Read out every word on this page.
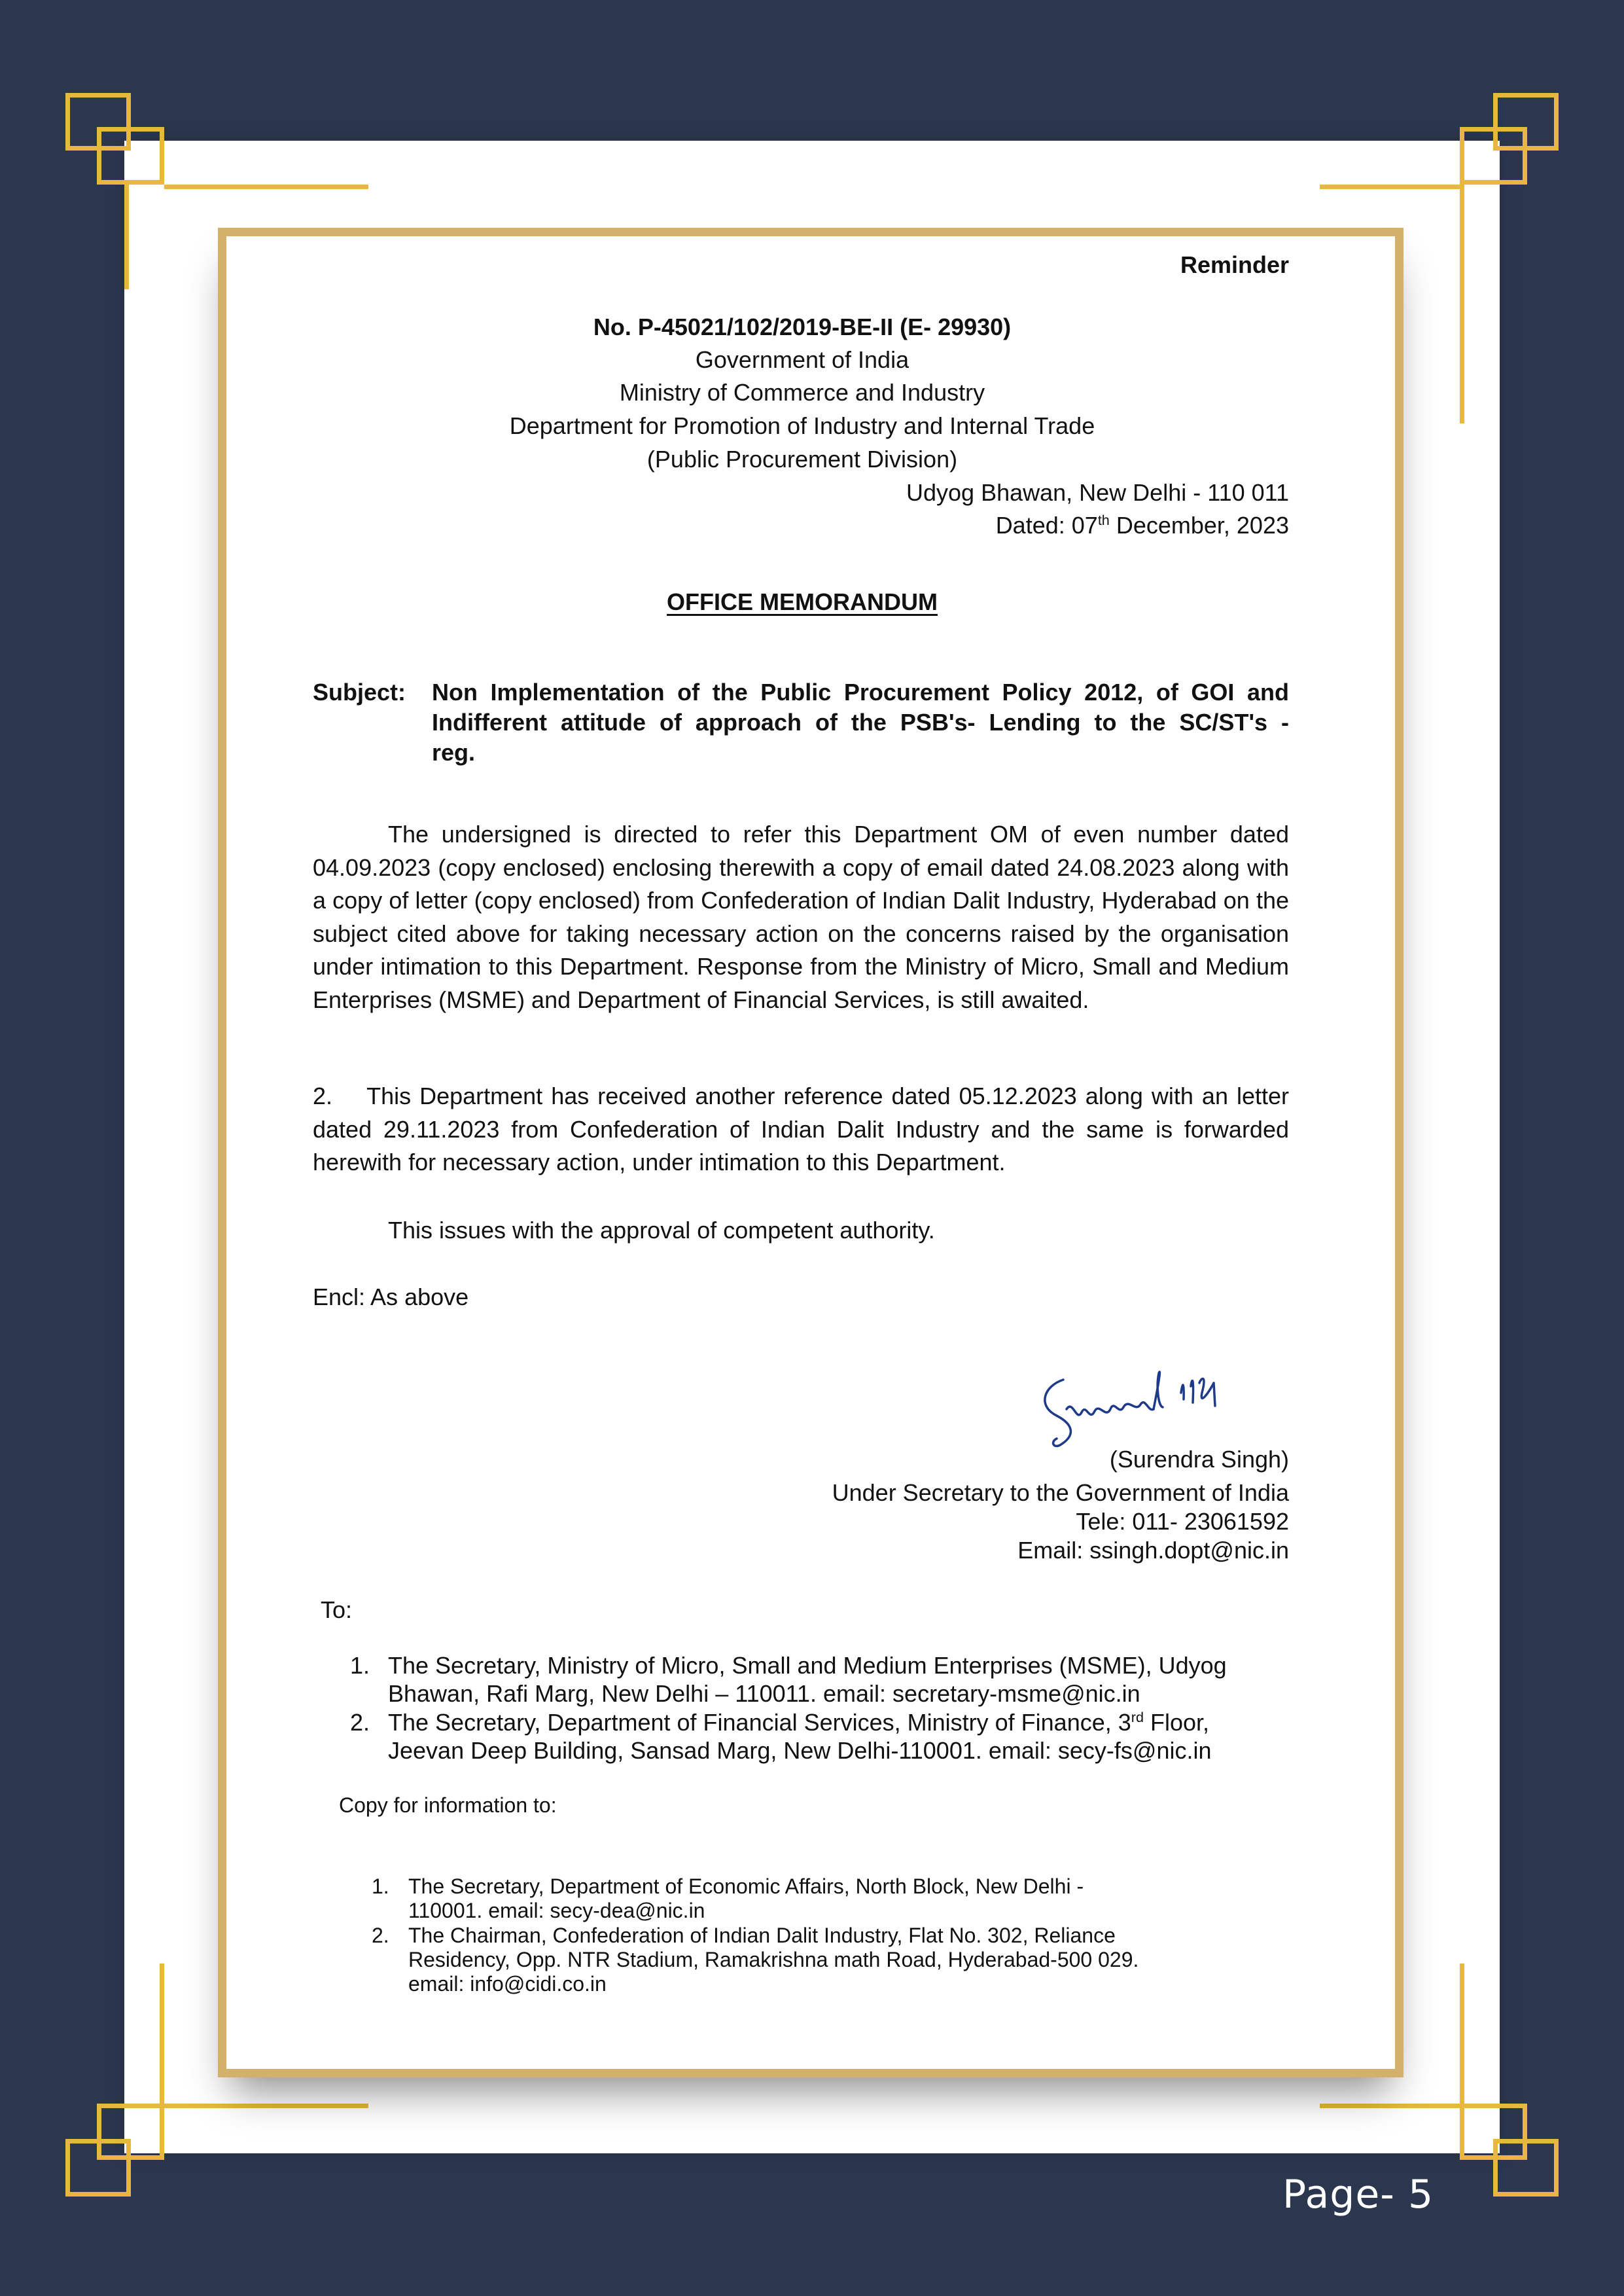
Reminder
No. P-45021/102/2019-BE-II (E- 29930)
Government of India
Ministry of Commerce and Industry
Department for Promotion of Industry and Internal Trade
(Public Procurement Division)
Udyog Bhawan, New Delhi - 110 011
Dated: 07th December, 2023
OFFICE MEMORANDUM
Subject: Non Implementation of the Public Procurement Policy 2012, of GOI and
Indifferent attitude of approach of the PSB's- Lending to the SC/ST's -
reg.
The undersigned is directed to refer this Department OM of even number dated 04.09.2023 (copy enclosed) enclosing therewith a copy of email dated 24.08.2023 along with a copy of letter (copy enclosed) from Confederation of Indian Dalit Industry, Hyderabad on the subject cited above for taking necessary action on the concerns raised by the organisation under intimation to this Department. Response from the Ministry of Micro, Small and Medium Enterprises (MSME) and Department of Financial Services, is still awaited.
2. This Department has received another reference dated 05.12.2023 along with an letter dated 29.11.2023 from Confederation of Indian Dalit Industry and the same is forwarded herewith for necessary action, under intimation to this Department.
This issues with the approval of competent authority.
Encl: As above
(Surendra Singh)
Under Secretary to the Government of India
Tele: 011- 23061592
Email: ssingh.dopt@nic.in
To:
1. The Secretary, Ministry of Micro, Small and Medium Enterprises (MSME), Udyog
Bhawan, Rafi Marg, New Delhi – 110011. email: secretary-msme@nic.in
2. The Secretary, Department of Financial Services, Ministry of Finance, 3rd Floor,
Jeevan Deep Building, Sansad Marg, New Delhi-110001. email: secy-fs@nic.in
Copy for information to:
1. The Secretary, Department of Economic Affairs, North Block, New Delhi -
110001. email: secy-dea@nic.in
2. The Chairman, Confederation of Indian Dalit Industry, Flat No. 302, Reliance
Residency, Opp. NTR Stadium, Ramakrishna math Road, Hyderabad-500 029.
email: info@cidi.co.in
Page- 5
